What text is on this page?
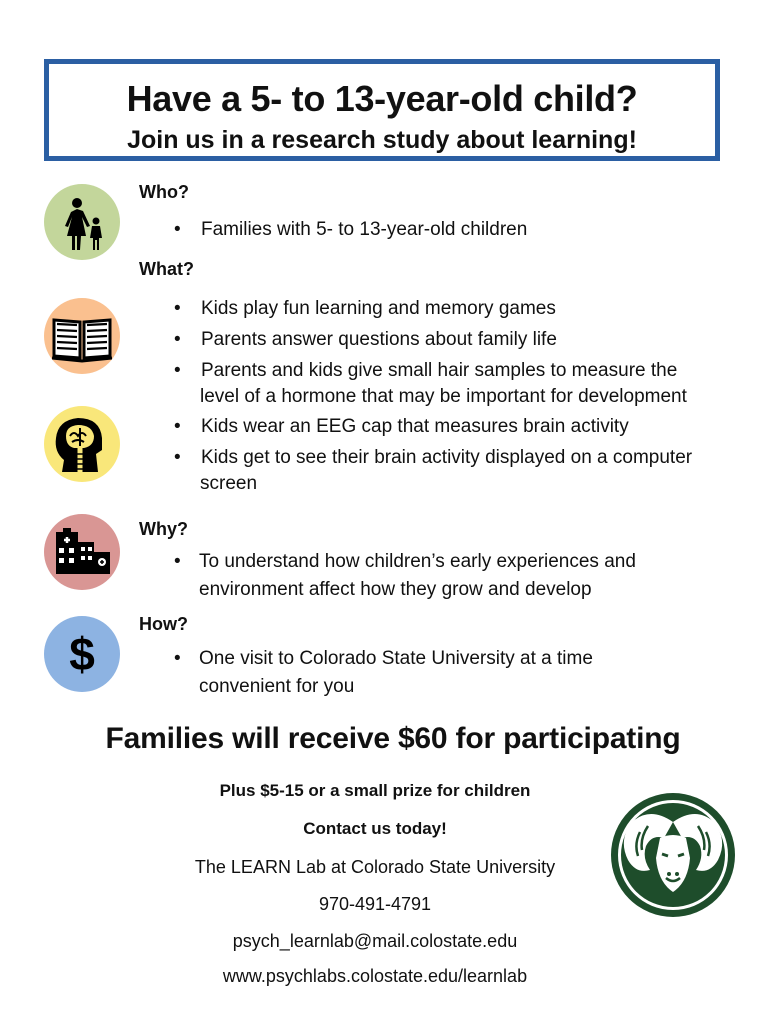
Have a 5- to 13-year-old child?
Join us in a research study about learning!
$
Who?
•	Families with 5- to 13-year-old children
What?
•	Kids play fun learning and memory games
•	Parents answer questions about family life
•	Parents and kids give small hair samples to measure the
level of a hormone that may be important for development
•	Kids wear an EEG cap that measures brain activity
•	Kids get to see their brain activity displayed on a computer
screen
Why?
• To understand how children’s early experiences and
environment affect how they grow and develop
How?
• One visit to Colorado State University at a time
convenient for you
Families will receive $60 for participating
Plus $5-15 or a small prize for children
Contact us today!
The LEARN Lab at Colorado State University
970-491-4791
psych_learnlab@mail.colostate.edu
www.psychlabs.colostate.edu/learnlab
